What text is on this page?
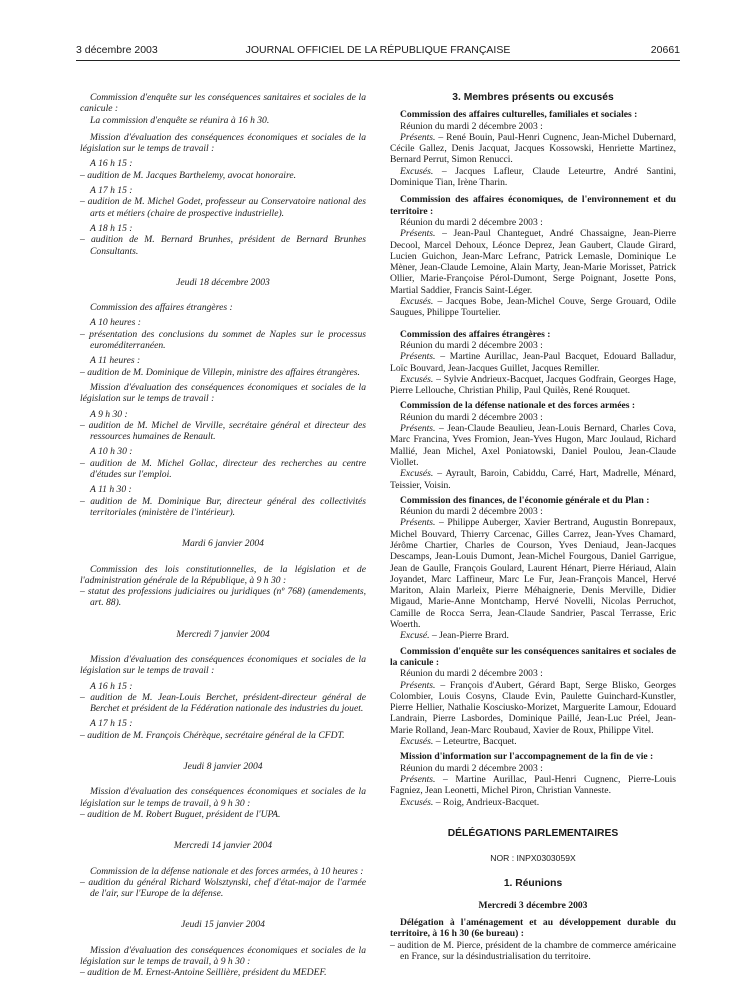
3 décembre 2003	JOURNAL OFFICIEL DE LA RÉPUBLIQUE FRANÇAISE	20661

Commission d'enquête sur les conséquences sanitaires et sociales de la canicule :

La commission d'enquête se réunira à 16 h 30.

Mission d'évaluation des conséquences économiques et sociales de la législation sur le temps de travail :

A 16 h 15 :

– audition de M. Jacques Barthelemy, avocat honoraire.

A 17 h 15 :

– audition de M. Michel Godet, professeur au Conservatoire national des arts et métiers (chaire de prospective industrielle).

A 18 h 15 :

– audition de M. Bernard Brunhes, président de Bernard Brunhes Consultants.

Jeudi 18 décembre 2003

Commission des affaires étrangères :

A 10 heures :

– présentation des conclusions du sommet de Naples sur le processus euroméditerranéen.

A 11 heures :

– audition de M. Dominique de Villepin, ministre des affaires étrangères.

Mission d'évaluation des conséquences économiques et sociales de la législation sur le temps de travail :

A 9 h 30 :

– audition de M. Michel de Virville, secrétaire général et directeur des ressources humaines de Renault.

A 10 h 30 :

– audition de M. Michel Gollac, directeur des recherches au centre d'études sur l'emploi.

A 11 h 30 :

– audition de M. Dominique Bur, directeur général des collectivités territoriales (ministère de l'intérieur).

Mardi 6 janvier 2004

Commission des lois constitutionnelles, de la législation et de l'administration générale de la République, à 9 h 30 :

– statut des professions judiciaires ou juridiques (nº 768) (amendements, art. 88).

Mercredi 7 janvier 2004

Mission d'évaluation des conséquences économiques et sociales de la législation sur le temps de travail :

A 16 h 15 :

– audition de M. Jean-Louis Berchet, président-directeur général de Berchet et président de la Fédération nationale des industries du jouet.

A 17 h 15 :

– audition de M. François Chérèque, secrétaire général de la CFDT.

Jeudi 8 janvier 2004

Mission d'évaluation des conséquences économiques et sociales de la législation sur le temps de travail, à 9 h 30 :

– audition de M. Robert Buguet, président de l'UPA.

Mercredi 14 janvier 2004

Commission de la défense nationale et des forces armées, à 10 heures :

– audition du général Richard Wolsztynski, chef d'état-major de l'armée de l'air, sur l'Europe de la défense.

Jeudi 15 janvier 2004

Mission d'évaluation des conséquences économiques et sociales de la législation sur le temps de travail, à 9 h 30 :

– audition de M. Ernest-Antoine Seillière, président du MEDEF.

3. Membres présents ou excusés

Commission des affaires culturelles, familiales et sociales :

Réunion du mardi 2 décembre 2003 :

Présents. – René Bouin, Paul-Henri Cugnenc, Jean-Michel Dubernard, Cécile Gallez, Denis Jacquat, Jacques Kossowski, Henriette Martinez, Bernard Perrut, Simon Renucci.

Excusés. – Jacques Lafleur, Claude Leteurtre, André Santini, Dominique Tian, Irène Tharin.

Commission des affaires économiques, de l'environnement et du territoire :

Réunion du mardi 2 décembre 2003 :

Présents. – Jean-Paul Chanteguet, André Chassaigne, Jean-Pierre Decool, Marcel Dehoux, Léonce Deprez, Jean Gaubert, Claude Girard, Lucien Guichon, Jean-Marc Lefranc, Patrick Lemasle, Dominique Le Mèner, Jean-Claude Lemoine, Alain Marty, Jean-Marie Morisset, Patrick Ollier, Marie-Françoise Pérol-Dumont, Serge Poignant, Josette Pons, Martial Saddier, Francis Saint-Léger.

Excusés. – Jacques Bobe, Jean-Michel Couve, Serge Grouard, Odile Saugues, Philippe Tourtelier.

Commission des affaires étrangères :

Réunion du mardi 2 décembre 2003 :

Présents. – Martine Aurillac, Jean-Paul Bacquet, Edouard Balladur, Loïc Bouvard, Jean-Jacques Guillet, Jacques Remiller.

Excusés. – Sylvie Andrieux-Bacquet, Jacques Godfrain, Georges Hage, Pierre Lellouche, Christian Philip, Paul Quilès, René Rouquet.

Commission de la défense nationale et des forces armées :

Réunion du mardi 2 décembre 2003 :

Présents. – Jean-Claude Beaulieu, Jean-Louis Bernard, Charles Cova, Marc Francina, Yves Fromion, Jean-Yves Hugon, Marc Joulaud, Richard Mallié, Jean Michel, Axel Poniatowski, Daniel Poulou, Jean-Claude Viollet.

Excusés. – Ayrault, Baroin, Cabiddu, Carré, Hart, Madrelle, Ménard, Teissier, Voisin.

Commission des finances, de l'économie générale et du Plan :

Réunion du mardi 2 décembre 2003 :

Présents. – Philippe Auberger, Xavier Bertrand, Augustin Bonrepaux, Michel Bouvard, Thierry Carcenac, Gilles Carrez, Jean-Yves Chamard, Jérôme Chartier, Charles de Courson, Yves Deniaud, Jean-Jacques Descamps, Jean-Louis Dumont, Jean-Michel Fourgous, Daniel Garrigue, Jean de Gaulle, François Goulard, Laurent Hénart, Pierre Hériaud, Alain Joyandet, Marc Laffineur, Marc Le Fur, Jean-François Mancel, Hervé Mariton, Alain Marleix, Pierre Méhaignerie, Denis Merville, Didier Migaud, Marie-Anne Montchamp, Hervé Novelli, Nicolas Perruchot, Camille de Rocca Serra, Jean-Claude Sandrier, Pascal Terrasse, Eric Woerth.

Excusé. – Jean-Pierre Brard.

Commission d'enquête sur les conséquences sanitaires et sociales de la canicule :

Réunion du mardi 2 décembre 2003 :

Présents. – François d'Aubert, Gérard Bapt, Serge Blisko, Georges Colombier, Louis Cosyns, Claude Evin, Paulette Guinchard-Kunstler, Pierre Hellier, Nathalie Kosciusko-Morizet, Marguerite Lamour, Edouard Landrain, Pierre Lasbordes, Dominique Paillé, Jean-Luc Préel, Jean-Marie Rolland, Jean-Marc Roubaud, Xavier de Roux, Philippe Vitel.

Excusés. – Leteurtre, Bacquet.

Mission d'information sur l'accompagnement de la fin de vie :

Réunion du mardi 2 décembre 2003 :

Présents. – Martine Aurillac, Paul-Henri Cugnenc, Pierre-Louis Fagniez, Jean Leonetti, Michel Piron, Christian Vanneste.

Excusés. – Roig, Andrieux-Bacquet.

DÉLÉGATIONS PARLEMENTAIRES

NOR : INPX0303059X

1. Réunions

Mercredi 3 décembre 2003

Délégation à l'aménagement et au développement durable du territoire, à 16 h 30 (6e bureau) :

– audition de M. Pierce, président de la chambre de commerce américaine en France, sur la désindustrialisation du territoire.
